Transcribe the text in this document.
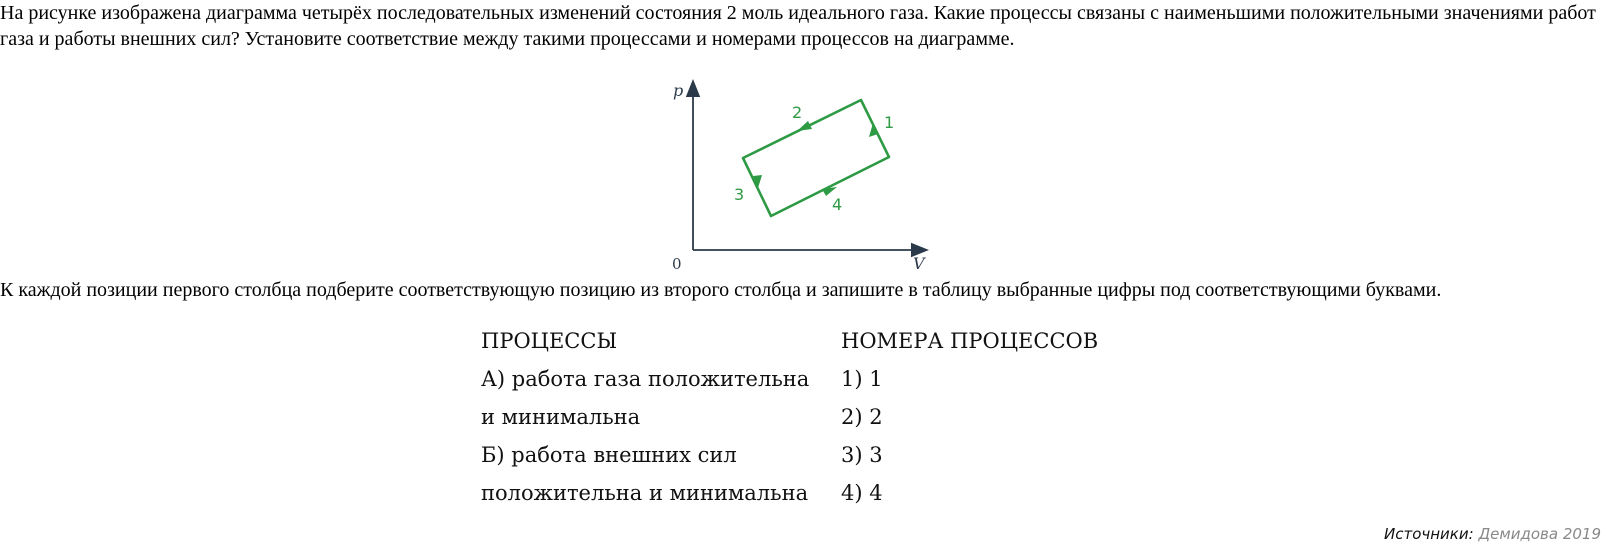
На рисунке изображена диаграмма четырёх последовательных изменений состояния 2 моль идеального газа. Какие процессы связаны с наименьшими положительными значениями работ газа и работы внешних сил? Установите соответствие между такими процессами и номерами процессов на диаграмме.

p
V
0
1
2
3
4

К каждой позиции первого столбца подберите соответствующую позицию из второго столбца и запишите в таблицу выбранные цифры под соответствующими буквами.

ПРОЦЕССЫ	НОМЕРА ПРОЦЕССОВ
А) работа газа положительна	1) 1
и минимальна	2) 2
Б) работа внешних сил	3) 3
положительна и минимальна	4) 4
Источники: Демидова 2019
